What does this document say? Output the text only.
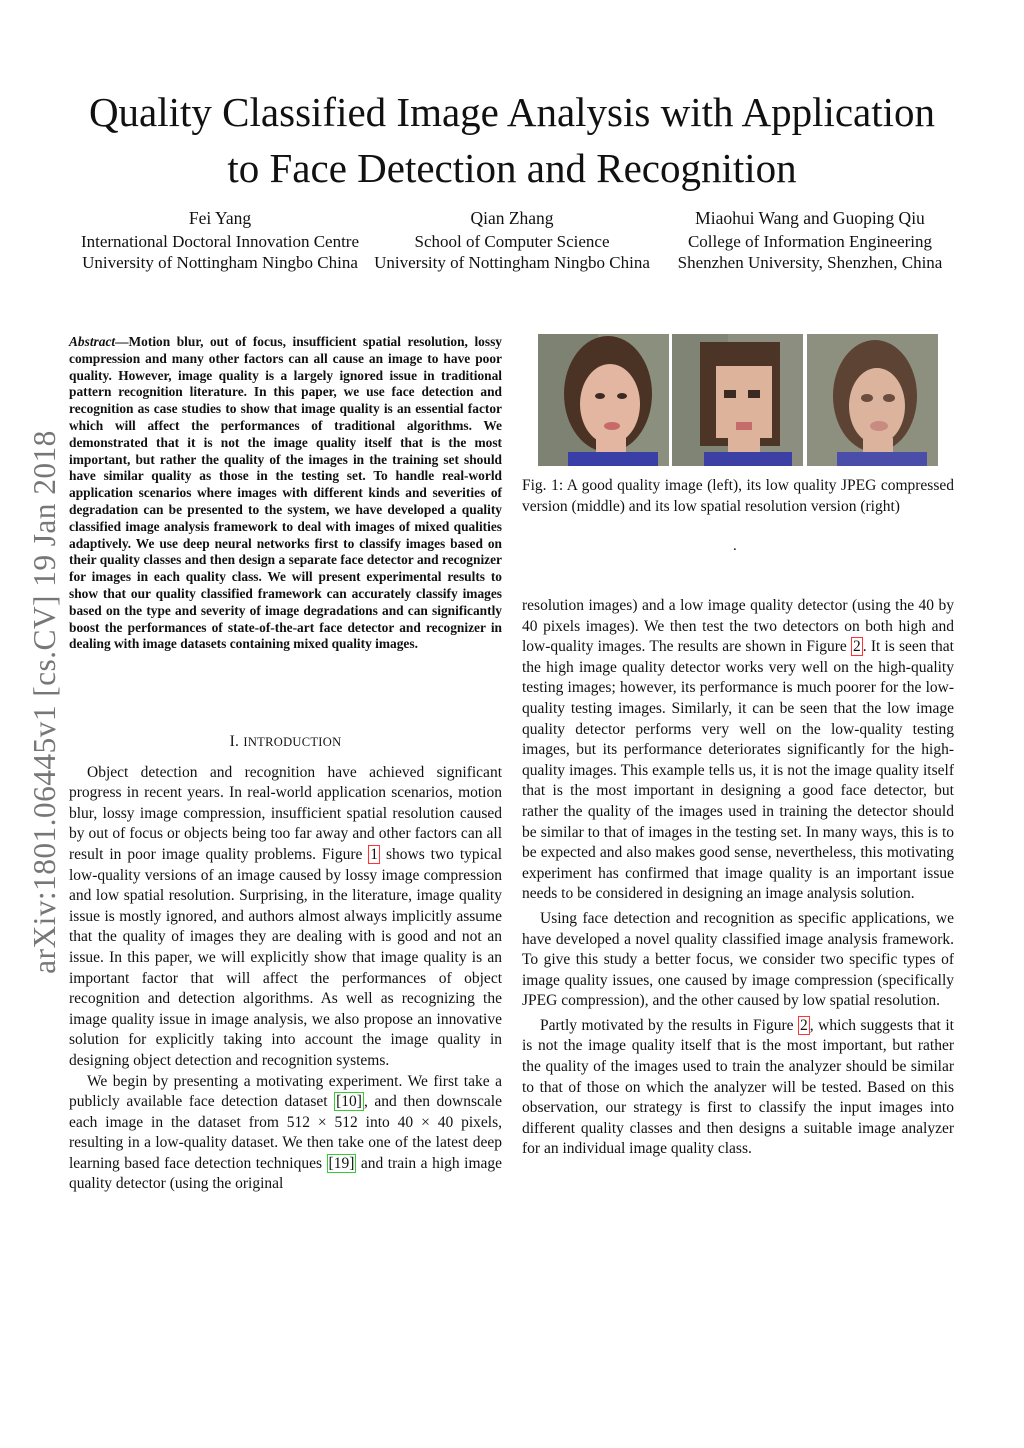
Quality Classified Image Analysis with Application
to Face Detection and Recognition
Fei Yang
International Doctoral Innovation Centre
University of Nottingham Ningbo China
Qian Zhang
School of Computer Science
University of Nottingham Ningbo China
Miaohui Wang and Guoping Qiu
College of Information Engineering
Shenzhen University, Shenzhen, China
arXiv:1801.06445v1 [cs.CV] 19 Jan 2018
Abstract—Motion blur, out of focus, insufficient spatial resolution, lossy compression and many other factors can all cause an image to have poor quality. However, image quality is a largely ignored issue in traditional pattern recognition literature. In this paper, we use face detection and recognition as case studies to show that image quality is an essential factor which will affect the performances of traditional algorithms. We demonstrated that it is not the image quality itself that is the most important, but rather the quality of the images in the training set should have similar quality as those in the testing set. To handle real-world application scenarios where images with different kinds and severities of degradation can be presented to the system, we have developed a quality classified image analysis framework to deal with images of mixed qualities adaptively. We use deep neural networks first to classify images based on their quality classes and then design a separate face detector and recognizer for images in each quality class. We will present experimental results to show that our quality classified framework can accurately classify images based on the type and severity of image degradations and can significantly boost the performances of state-of-the-art face detector and recognizer in dealing with image datasets containing mixed quality images.
I. INTRODUCTION

Object detection and recognition have achieved significant progress in recent years. In real-world application scenarios, motion blur, lossy image compression, insufficient spatial resolution caused by out of focus or objects being too far away and other factors can all result in poor image quality problems. Figure 1 shows two typical low-quality versions of an image caused by lossy image compression and low spatial resolution. Surprising, in the literature, image quality issue is mostly ignored, and authors almost always implicitly assume that the quality of images they are dealing with is good and not an issue. In this paper, we will explicitly show that image quality is an important factor that will affect the performances of object recognition and detection algorithms. As well as recognizing the image quality issue in image analysis, we also propose an innovative solution for explicitly taking into account the image quality in designing object detection and recognition systems.

We begin by presenting a motivating experiment. We first take a publicly available face detection dataset [10] , and then downscale each image in the dataset from 512 × 512 into 40 × 40 pixels, resulting in a low-quality dataset. We then take one of the latest deep learning based face detection techniques [19] and train a high image quality detector (using the original

Fig. 1: A good quality image (left), its low quality JPEG compressed version (middle) and its low spatial resolution version (right)
.

resolution images) and a low image quality detector (using the 40 by 40 pixels images). We then test the two detectors on both high and low-quality images. The results are shown in Figure 2 . It is seen that the high image quality detector works very well on the high-quality testing images; however, its performance is much poorer for the low-quality testing images. Similarly, it can be seen that the low image quality detector performs very well on the low-quality testing images, but its performance deteriorates significantly for the high-quality images. This example tells us, it is not the image quality itself that is the most important in designing a good face detector, but rather the quality of the images used in training the detector should be similar to that of images in the testing set. In many ways, this is to be expected and also makes good sense, nevertheless, this motivating experiment has confirmed that image quality is an important issue needs to be considered in designing an image analysis solution.

Using face detection and recognition as specific applications, we have developed a novel quality classified image analysis framework. To give this study a better focus, we consider two specific types of image quality issues, one caused by image compression (specifically JPEG compression), and the other caused by low spatial resolution.

Partly motivated by the results in Figure 2 , which suggests that it is not the image quality itself that is the most important, but rather the quality of the images used to train the analyzer should be similar to that of those on which the analyzer will be tested. Based on this observation, our strategy is first to classify the input images into different quality classes and then designs a suitable image analyzer for an individual image quality class.
